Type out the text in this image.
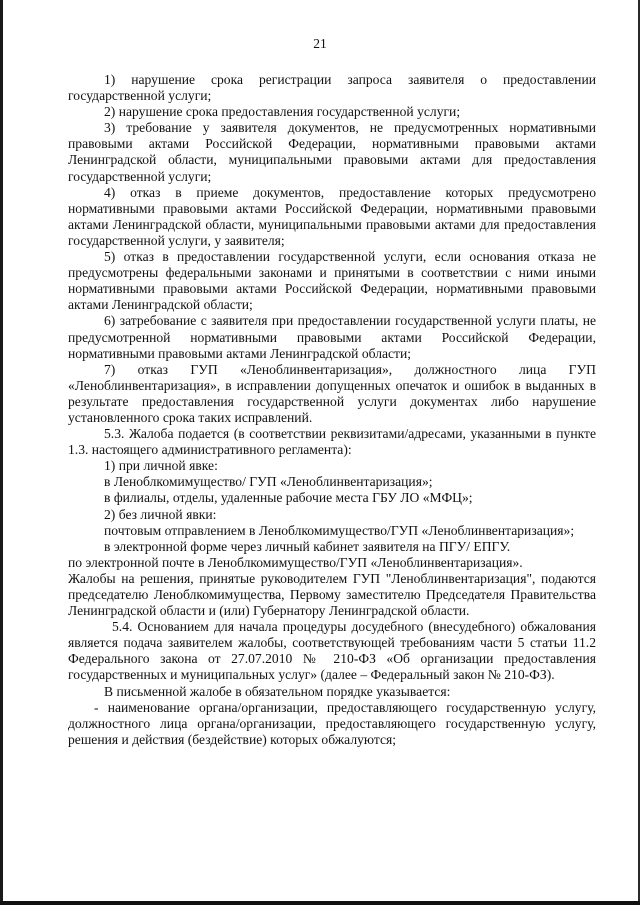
21

1) нарушение срока регистрации запроса заявителя о предоставлении государственной услуги;

2) нарушение срока предоставления государственной услуги;

3) требование у заявителя документов, не предусмотренных нормативными правовыми актами Российской Федерации, нормативными правовыми актами Ленинградской области, муниципальными правовыми актами для предоставления государственной услуги;

4) отказ в приеме документов, предоставление которых предусмотрено нормативными правовыми актами Российской Федерации, нормативными правовыми актами Ленинградской области, муниципальными правовыми актами для предоставления государственной услуги, у заявителя;

5) отказ в предоставлении государственной услуги, если основания отказа не предусмотрены федеральными законами и принятыми в соответствии с ними иными нормативными правовыми актами Российской Федерации, нормативными правовыми актами Ленинградской области;

6) затребование с заявителя при предоставлении государственной услуги платы, не предусмотренной нормативными правовыми актами Российской Федерации, нормативными правовыми актами Ленинградской области;

7) отказ ГУП «Леноблинвентаризация», должностного лица ГУП «Леноблинвентаризация», в исправлении допущенных опечаток и ошибок в выданных в результате предоставления государственной услуги документах либо нарушение установленного срока таких исправлений.

5.3. Жалоба подается (в соответствии реквизитами/адресами, указанными в пункте 1.3. настоящего административного регламента):

1) при личной явке:

в Леноблкомимущество/ ГУП «Леноблинвентаризация»;

в филиалы, отделы, удаленные рабочие места ГБУ ЛО «МФЦ»;

2) без личной явки:

почтовым отправлением в Леноблкомимущество/ГУП «Леноблинвентаризация»;

в электронной форме через личный кабинет заявителя на ПГУ/ ЕПГУ.

по электронной почте в Леноблкомимущество/ГУП «Леноблинвентаризация».

Жалобы на решения, принятые руководителем ГУП "Леноблинвентаризация", подаются председателю Леноблкомимущества, Первому заместителю Председателя Правительства Ленинградской области и (или) Губернатору Ленинградской области.

5.4. Основанием для начала процедуры досудебного (внесудебного) обжалования является подача заявителем жалобы, соответствующей требованиям части 5 статьи 11.2 Федерального закона от 27.07.2010 № 210-ФЗ «Об организации предоставления государственных и муниципальных услуг» (далее – Федеральный закон № 210-ФЗ).

В письменной жалобе в обязательном порядке указывается:

- наименование органа/организации, предоставляющего государственную услугу, должностного лица органа/организации, предоставляющего государственную услугу, решения и действия (бездействие) которых обжалуются;
